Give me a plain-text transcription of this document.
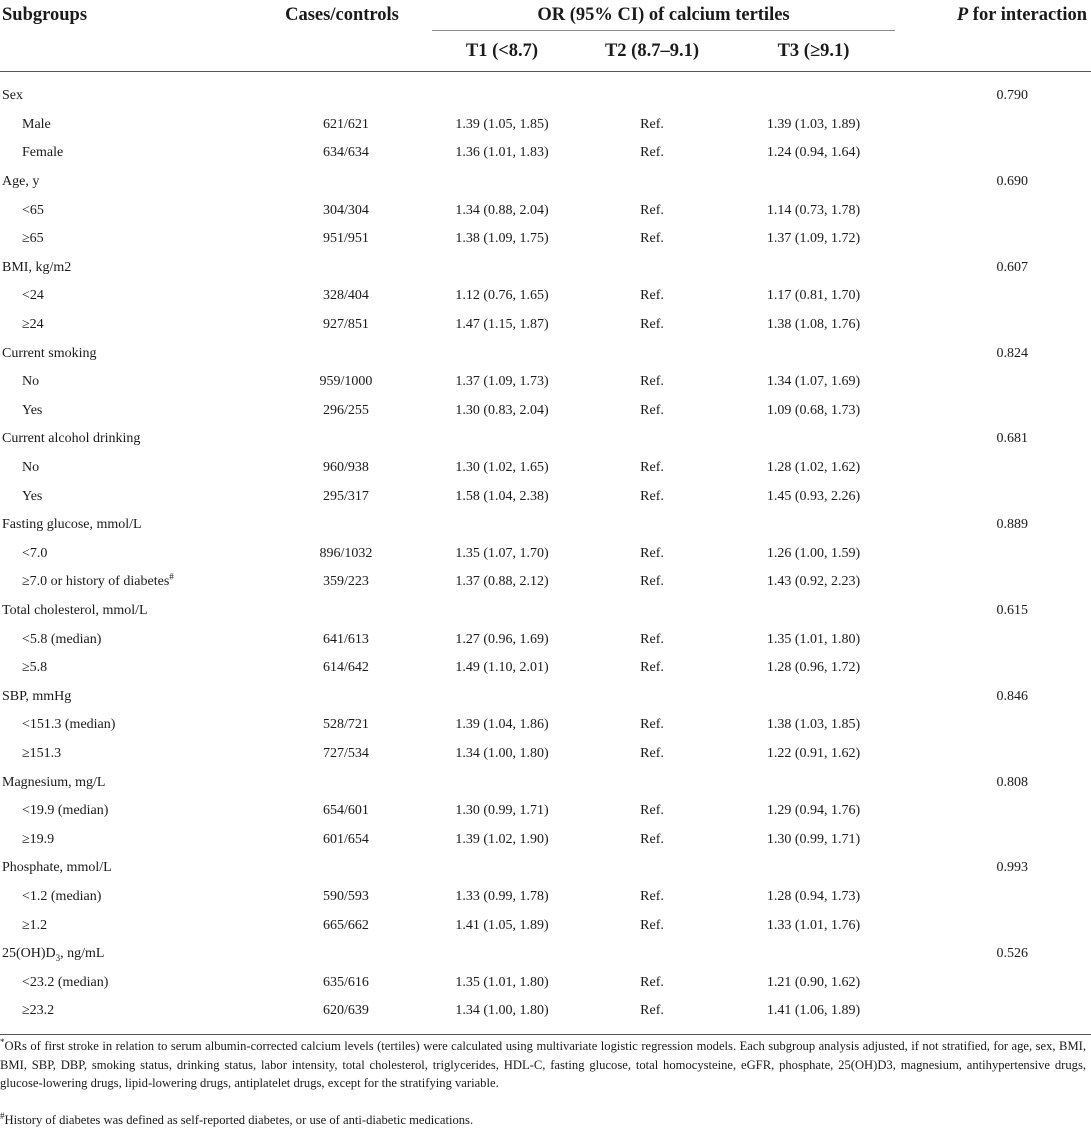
Subgroups	Cases/controls	OR (95% CI) of calcium tertiles			P for interaction
		T1 (<8.7)	T2 (8.7–9.1)	T3 (≥9.1)	

Sex					0.790
Male	621/621	1.39 (1.05, 1.85)	Ref.	1.39 (1.03, 1.89)	
Female	634/634	1.36 (1.01, 1.83)	Ref.	1.24 (0.94, 1.64)	
Age, y					0.690
<65	304/304	1.34 (0.88, 2.04)	Ref.	1.14 (0.73, 1.78)	
≥65	951/951	1.38 (1.09, 1.75)	Ref.	1.37 (1.09, 1.72)	
BMI, kg/m2					0.607
<24	328/404	1.12 (0.76, 1.65)	Ref.	1.17 (0.81, 1.70)	
≥24	927/851	1.47 (1.15, 1.87)	Ref.	1.38 (1.08, 1.76)	
Current smoking					0.824
No	959/1000	1.37 (1.09, 1.73)	Ref.	1.34 (1.07, 1.69)	
Yes	296/255	1.30 (0.83, 2.04)	Ref.	1.09 (0.68, 1.73)	
Current alcohol drinking					0.681
No	960/938	1.30 (1.02, 1.65)	Ref.	1.28 (1.02, 1.62)	
Yes	295/317	1.58 (1.04, 2.38)	Ref.	1.45 (0.93, 2.26)	
Fasting glucose, mmol/L					0.889
<7.0	896/1032	1.35 (1.07, 1.70)	Ref.	1.26 (1.00, 1.59)	
≥7.0 or history of diabetes#	359/223	1.37 (0.88, 2.12)	Ref.	1.43 (0.92, 2.23)	
Total cholesterol, mmol/L					0.615
<5.8 (median)	641/613	1.27 (0.96, 1.69)	Ref.	1.35 (1.01, 1.80)	
≥5.8	614/642	1.49 (1.10, 2.01)	Ref.	1.28 (0.96, 1.72)	
SBP, mmHg					0.846
<151.3 (median)	528/721	1.39 (1.04, 1.86)	Ref.	1.38 (1.03, 1.85)	
≥151.3	727/534	1.34 (1.00, 1.80)	Ref.	1.22 (0.91, 1.62)	
Magnesium, mg/L					0.808
<19.9 (median)	654/601	1.30 (0.99, 1.71)	Ref.	1.29 (0.94, 1.76)	
≥19.9	601/654	1.39 (1.02, 1.90)	Ref.	1.30 (0.99, 1.71)	
Phosphate, mmol/L					0.993
<1.2 (median)	590/593	1.33 (0.99, 1.78)	Ref.	1.28 (0.94, 1.73)	
≥1.2	665/662	1.41 (1.05, 1.89)	Ref.	1.33 (1.01, 1.76)	
$25(OH)D_3$, ng/mL					0.526
<23.2 (median)	635/616	1.35 (1.01, 1.80)	Ref.	1.21 (0.90, 1.62)	
≥23.2	620/639	1.34 (1.00, 1.80)	Ref.	1.41 (1.06, 1.89)	

*ORs of first stroke in relation to serum albumin-corrected calcium levels (tertiles) were calculated using multivariate logistic regression models. Each subgroup analysis adjusted, if not stratified, for age, sex, BMI, BMI, SBP, DBP, smoking status, drinking status, labor intensity, total cholesterol, triglycerides, HDL-C, fasting glucose, total homocysteine, eGFR, phosphate, 25(OH)D3, magnesium, antihypertensive drugs, glucose-lowering drugs, lipid-lowering drugs, antiplatelet drugs, except for the stratifying variable.
#History of diabetes was defined as self-reported diabetes, or use of anti-diabetic medications.
